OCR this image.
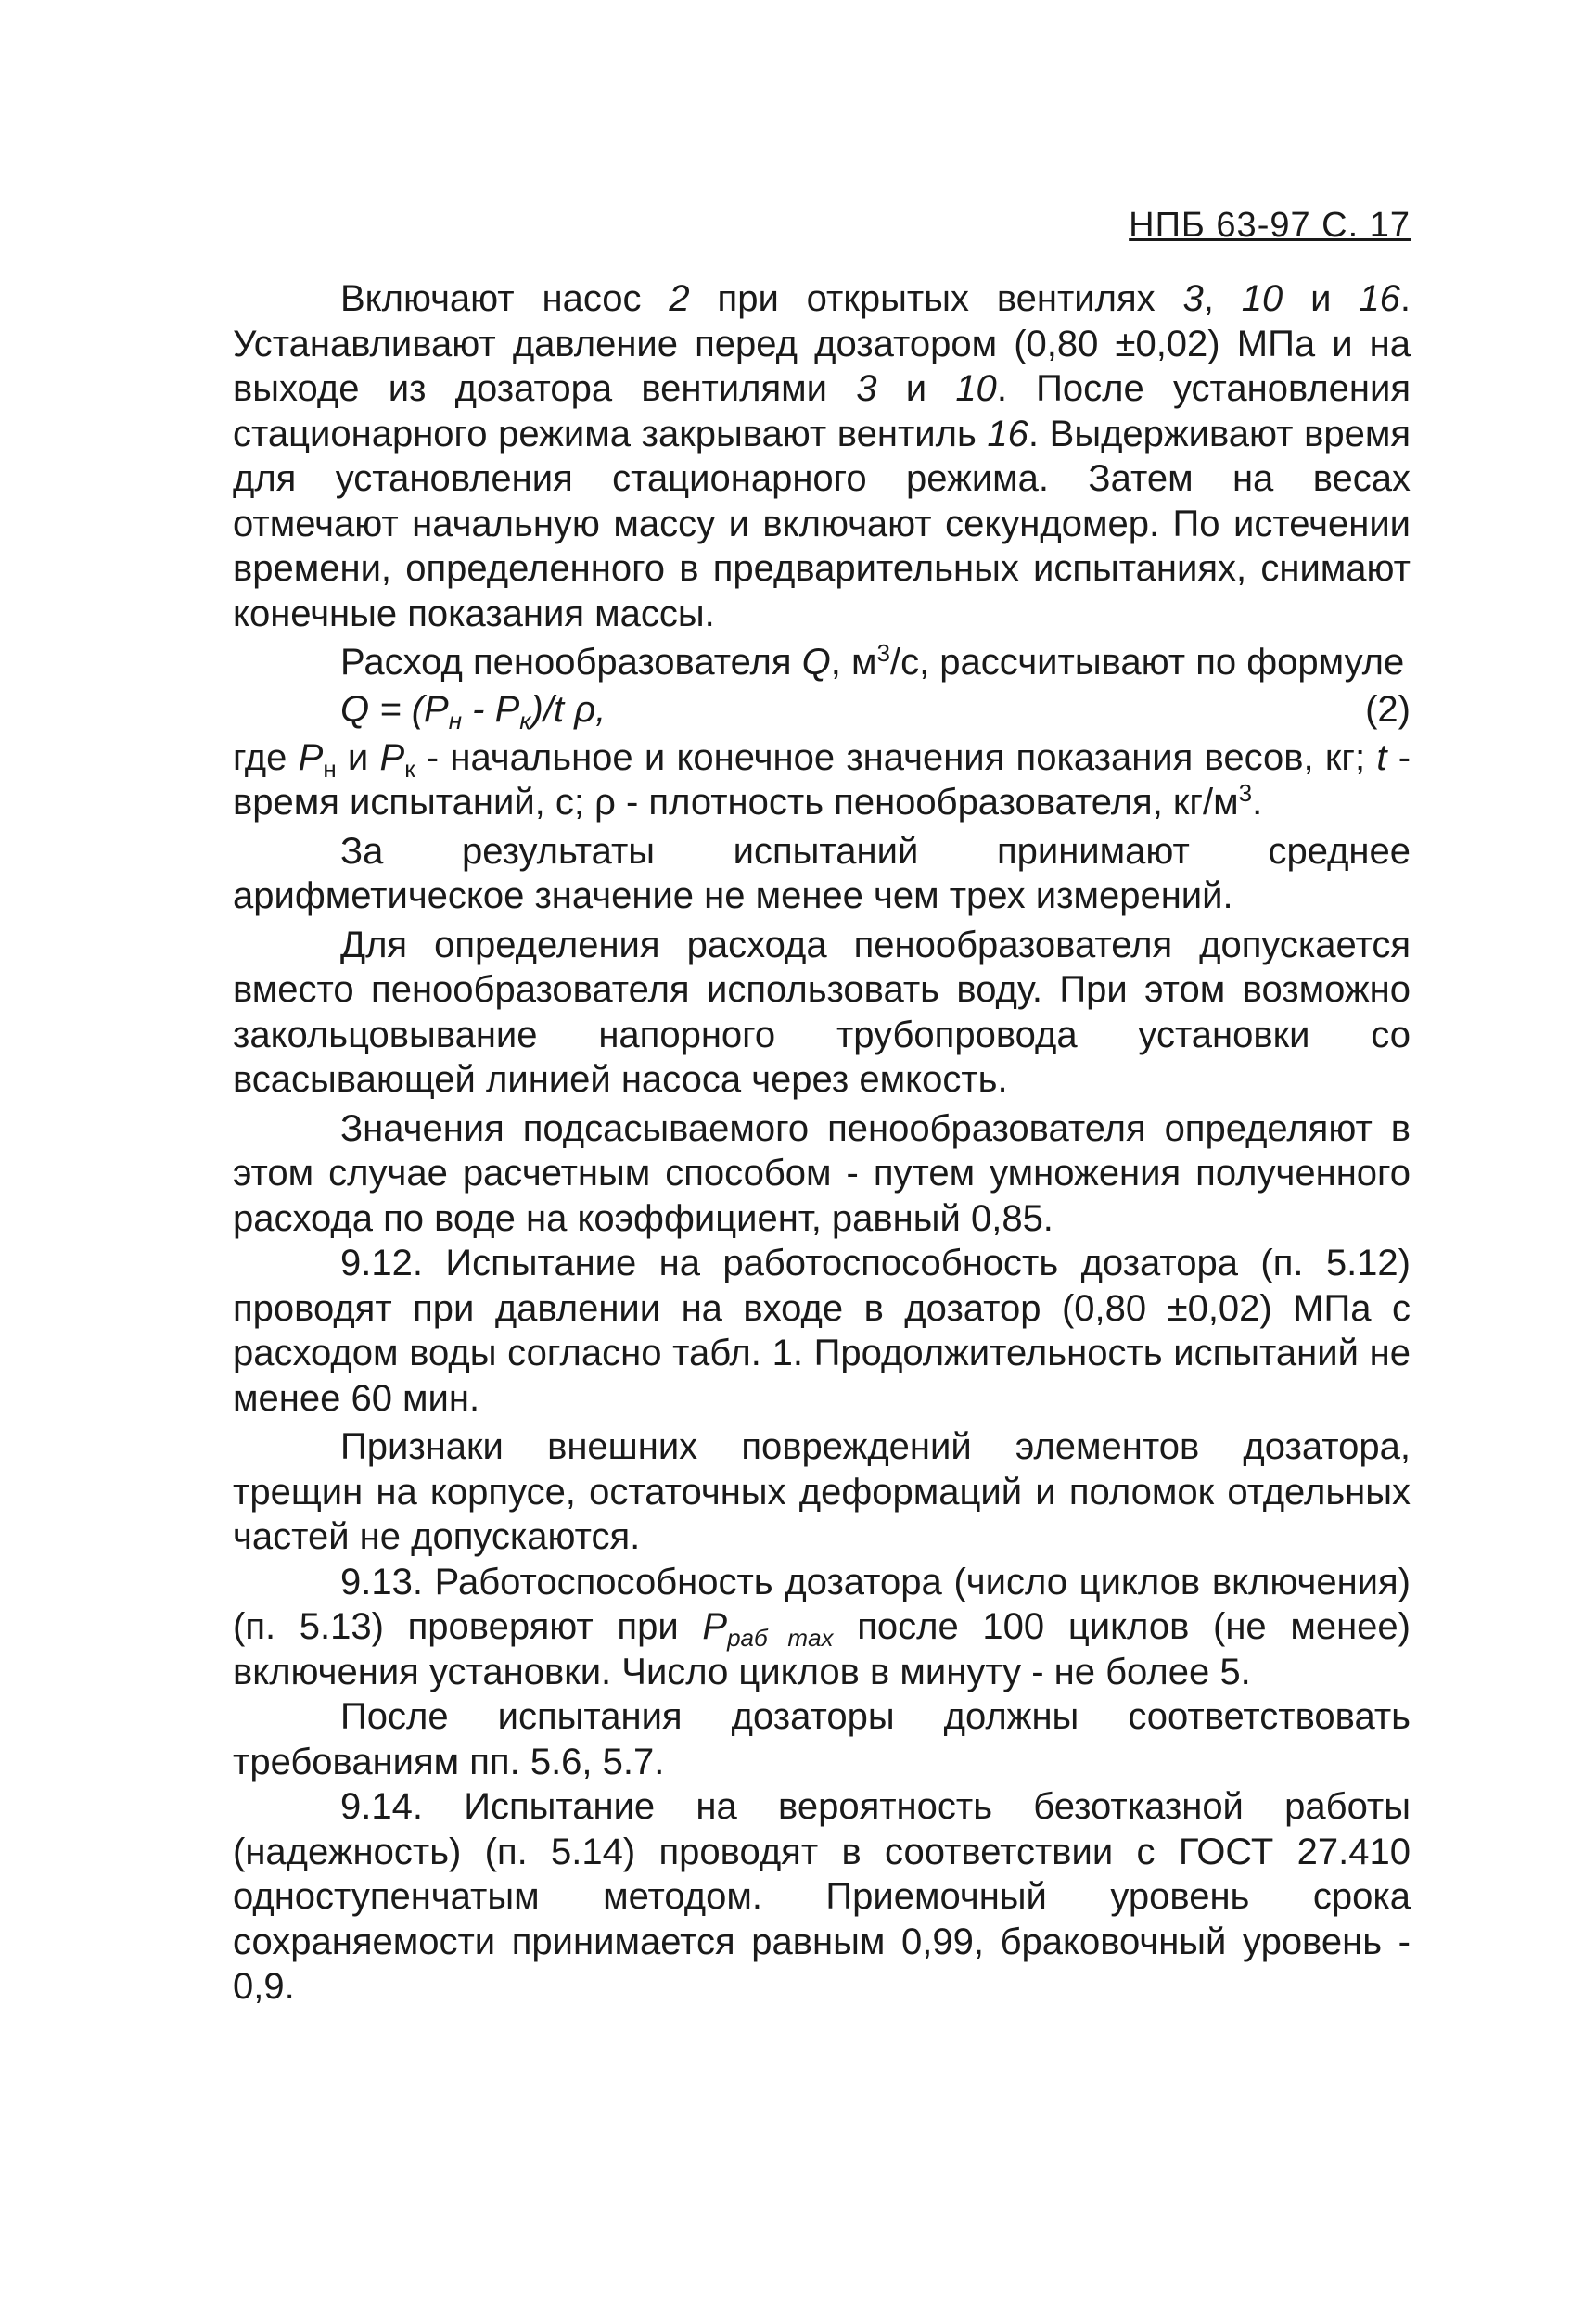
НПБ 63-97 С. 17

Включают насос 2 при открытых вентилях 3, 10 и 16. Устанавливают давление перед дозатором (0,80 ±0,02) МПа и на выходе из дозатора вентилями 3 и 10. После установления стационарного режима закрывают вентиль 16. Выдерживают время для установления стационарного режима. Затем на весах отмечают начальную массу и включают секундомер. По истечении времени, определенного в предварительных испытаниях, снимают конечные показания массы.

Расход пенообразователя Q, $м^3/с$, рассчитывают по формуле

$Q = (P_н - P_к)/t$ ρ,	(2)

где $P_н$ и $P_к$ - начальное и конечное значения показания весов, кг; t - время испытаний, с; ρ - плотность пенообразователя, $кг/м^3$.

За результаты испытаний принимают среднее арифметическое значение не менее чем трех измерений.

Для определения расхода пенообразователя допускается вместо пенообразователя использовать воду. При этом возможно закольцовывание напорного трубопровода установки со всасывающей линией насоса через емкость.

Значения подсасываемого пенообразователя определяют в этом случае расчетным способом - путем умножения полученного расхода по воде на коэффициент, равный 0,85.

9.12. Испытание на работоспособность дозатора (п. 5.12) проводят при давлении на входе в дозатор (0,80 ±0,02) МПа с расходом воды согласно табл. 1. Продолжительность испытаний не менее 60 мин.

Признаки внешних повреждений элементов дозатора, трещин на корпусе, остаточных деформаций и поломок отдельных частей не допускаются.

9.13. Работоспособность дозатора (число циклов включения) (п. 5.13) проверяют при $P_{раб max}$ после 100 циклов (не менее) включения установки. Число циклов в минуту - не более 5.

После испытания дозаторы должны соответствовать требованиям пп. 5.6, 5.7.

9.14. Испытание на вероятность безотказной работы (надежность) (п. 5.14) проводят в соответствии с ГОСТ 27.410 одноступенчатым методом. Приемочный уровень срока сохраняемости принимается равным 0,99, браковочный уровень - 0,9.
